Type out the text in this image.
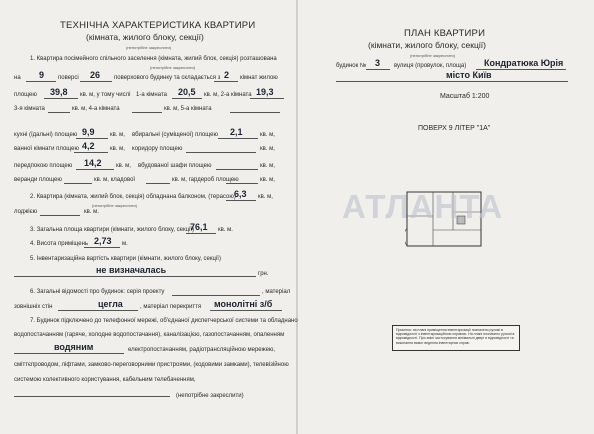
ТЕХНІЧНА ХАРАКТЕРИСТИКА КВАРТИРИ
(кімната, жилого блоку, секції)
(непотрібне закреслити)
1. Квартира посімейного спільного заселення (кімната, жилий блок, секція) розташована
(непотрібне закреслити)
на 9 поверсі 26 поверхового будинку та складається з 2 кімнат жилою
площею 39,8 кв. м, у тому числі 1-а кімната 20,5 кв. м, 2-а кімната 19,3
3-я кімната	кв. м, 4-а кімната	кв. м, 5-а кімната
кухні (їдальні) площею 9,9	кв. м, вбиральні (суміщеної) площею 2,1	кв. м,
ванної кімнати площею 4,2	кв. м, коридору площею	кв. м,
передпокою площею 14,2 кв. м, вбудованої шафи площею	кв. м,
веранди площею	кв. м, кладової	кв. м, гардероб площею	кв. м,
2. Квартира (кімната, жилий блок, секція) обладнана балконом, (терасою)
6,3 кв. м,
(непотрібне закреслити)
лоджією	кв. м.
3. Загальна площа квартири (кімнати, жилого блоку, секції)
76,1 кв. м.
4. Висота приміщень 2,73 м.
5. Інвентаризаційна вартість квартири (кімнати, жилого блоку, секції)
не визначалась	грн.
6. Загальні відомості про будинок: серія проекту	, матеріал
зовнішніх стін	цегла	, матеріал перекриття монолітні з/б
7. Будинок підключено до телефонної мережі, об'єднаної диспетчерської системи та обладнано
водопостачанням (гарячe, холодне водопостачання), каналізацією, газопостачанням, опаленням
водяним	електропостачанням, радіотрансляційною мережею,
сміттєпроводом, ліфтами, замково-переговорними пристроями, (кодовими замками), телевізійною
системою колективного користування, кабельним телебаченням,
(непотрібне закреслити)
ПЛАН КВАРТИРИ
(кімнати, жилого блоку, секції)
(непотрібне закреслити)
будинок № 3 вулиця (провулок, площа) Кондратюка Юрія
місто Київ
Масштаб 1:200
ПОВЕРХ 9 ЛІТЕР "1А"
АТЛАНТА
Примітка: на плані приміщення інвентаризації позначено рухомі в відповідності з інвентаризаційною справою. На плані позначено рухомі в відповідності. При зміні застосування мінімальні двері в відповідності та виконання вимог ведення інвентарних справ.
